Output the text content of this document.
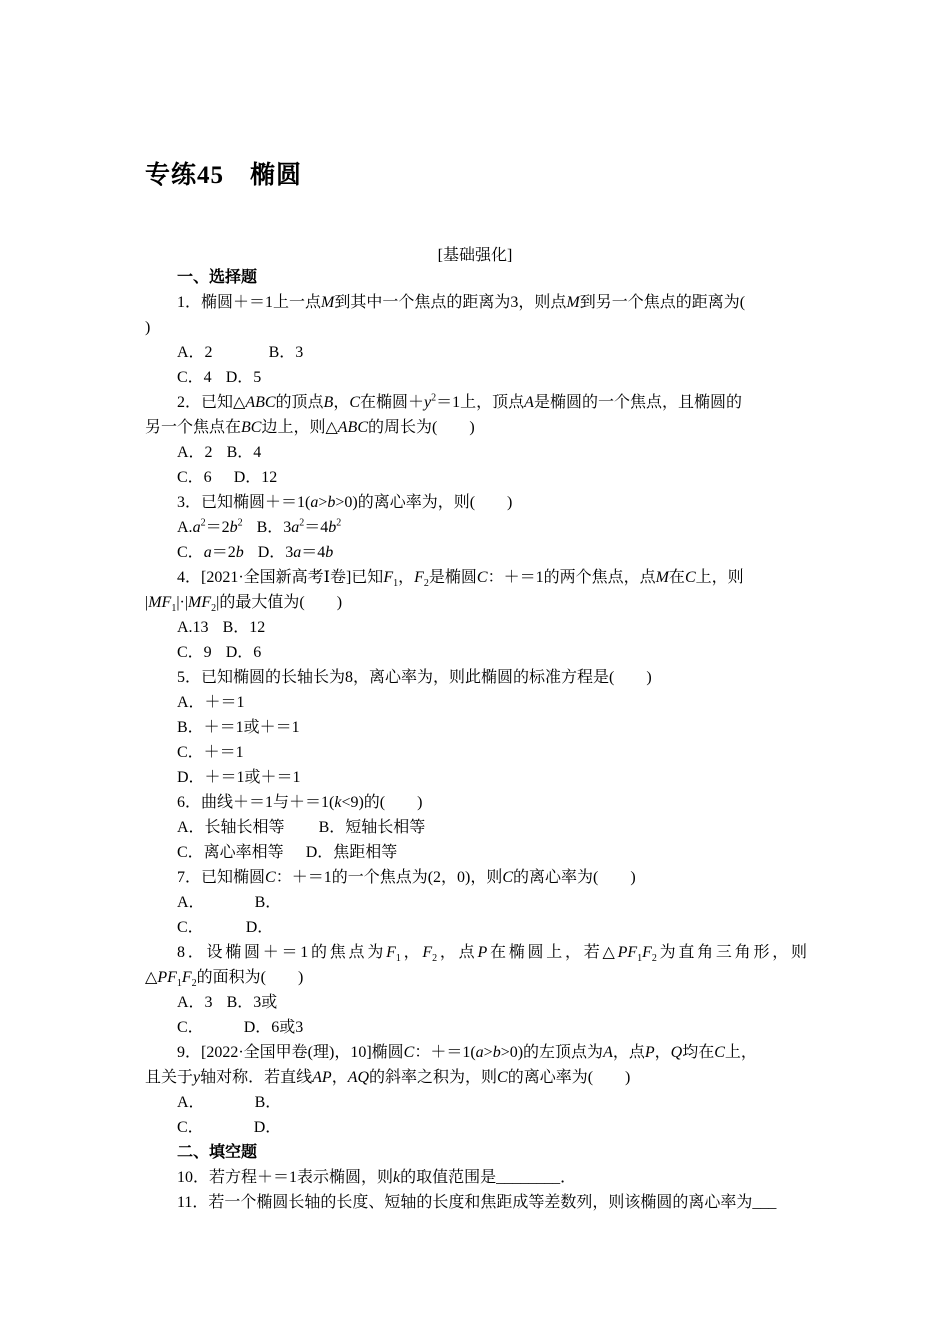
专练45　椭圆
[基础强化]
一、选择题
1．椭圆＋＝1上一点M到其中一个焦点的距离为3，则点M到另一个焦点的距离为(
)
A．2	B．3
C．4 D．5
2．已知△ABC的顶点B，C在椭圆$+y^2=1$上，顶点A是椭圆的一个焦点，且椭圆的
另一个焦点在BC边上，则△ABC的周长为(　　)
A．2 B．4
C．6 D．12
3．已知椭圆＋＝1(a>b>0)的离心率为，则(　　)
$A.a^2=2b^2$ B．$3a^2=4b^2$
C．a＝2b D．3a＝4b
4．[2021·全国新高考Ⅰ卷]已知$F_1$，$F_2$是椭圆C：＋＝1的两个焦点，点M在C上，则
$|MF_1|\cdot|MF_2|$的最大值为(　　)
A.13 B．12
C．9 D．6
5．已知椭圆的长轴长为8，离心率为，则此椭圆的标准方程是(　　)
A．＋＝1
B．＋＝1或＋＝1
C．＋＝1
D．＋＝1或＋＝1
6．曲线＋＝1与＋＝1(k<9)的(　　)
A．长轴长相等 B．短轴长相等
C．离心率相等 D．焦距相等
7．已知椭圆C：＋＝1的一个焦点为(2，0)，则C的离心率为(　　)
A．	B．
C．	D．
8．设椭圆＋＝1的焦点为$F_1$，$F_2$，点P在椭圆上，若$\triangle PF_1F_2$为直角三角形，则
$\triangle PF_1F_2$的面积为(　　)
A．3 B．3或
C．	D．6或3
9．[2022·全国甲卷(理)，10]椭圆C：＋＝1(a>b>0)的左顶点为A，点P，Q均在C上，
且关于y轴对称．若直线AP，AQ的斜率之积为，则C的离心率为(　　)
A．	B．
C．	D．
二、填空题
10．若方程＋＝1表示椭圆，则k的取值范围是________．
11．若一个椭圆长轴的长度、短轴的长度和焦距成等差数列，则该椭圆的离心率为___
